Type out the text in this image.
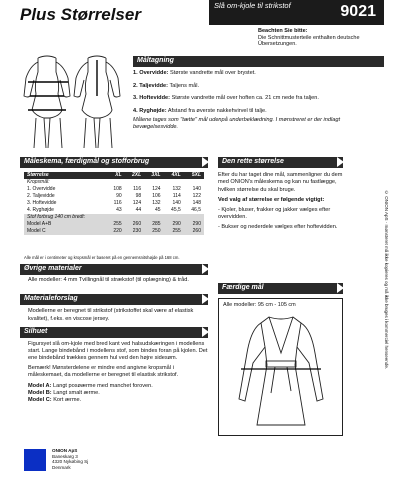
Plus Størrelser	Slå om-kjole til strikstof	9021
Beachten Sie bitte:
Die Schnittmusterteile enthalten deutsche
Übersetzungen.
Måltagning
1. Overvidde: Største vandrette mål over brystet.
2. Taljevidde: Taljens mål.
3. Hoftevidde: Største vandrette mål over hoften ca. 21 cm nede fra taljen.
4. Ryghøjde: Afstand fra øverste nakkehvirvel til talje.
Målene tages som "tætte" mål udenpå underbeklædning. I mønstreret er der indlagt bevægelsesvidde.
Måleskema, færdigmål og stofforbrug
Størrelse	XL	2XL	3XL	4XL	5XL
Kropsmål:					
1. Overvidde	108	116	124	132	140
2. Taljevidde	90	98	106	114	122
3. Hoftevidde	116	124	132	140	148
4. Ryghøjde	43	44	45	45,5	46,5
Stof forbrug 140 cm bredt:					
Model A+B	255	260	285	290	290
Model C	220	230	250	255	260
Alle mål er i centimeter og kropsmål er baseret på en gennemsnitshøjde på 168 cm.
Den rette størrelse
Efter du har taget dine mål, sammenligner du dem med ONION's måleskema og kan nu fastlægge, hvilken størrelse du skal bruge.
Ved valg af størrelse er følgende vigtigt:
- Kjoler, bluser, frakker og jakker vælges efter overvidden.
- Bukser og nederdele vælges efter hoftevidden.
Øvrige materialer
Alle modeller: 4 mm Tvillingnål til strækstof (til oplægning) & tråd.
Materialeforslag
Modellerne er beregnet til strikstof (strikstoffet skal være af elastisk kvalitet), f.eks. en viscose jersey.
Silhuet
Figursyet slå om-kjole med bred kant ved halsudskæringen i modellens start. Lange bindebånd i modellens stof, som bindes foran på kjolen. Det ene bindebånd trækkes gennem hul ved den højre sidesøm.
Bemærk! Mønsterdelene er mindre end angivne kropsmål i måleskemaet, da modellerne er beregnet til elastisk strikstof.
Model A: Langt posøærme med manchet foroven.
Model B: Langt smalt ærme.
Model C: Kort ærme.
Færdige mål
Alle modeller: 95 cm - 105 cm
ONION ApS
Baneskarg 3
4320 Nykøbing Sj
Denmark
© ONION ApS · mønsteret må ikke kopieres og må ikke bruges i kommerciel henseende.
